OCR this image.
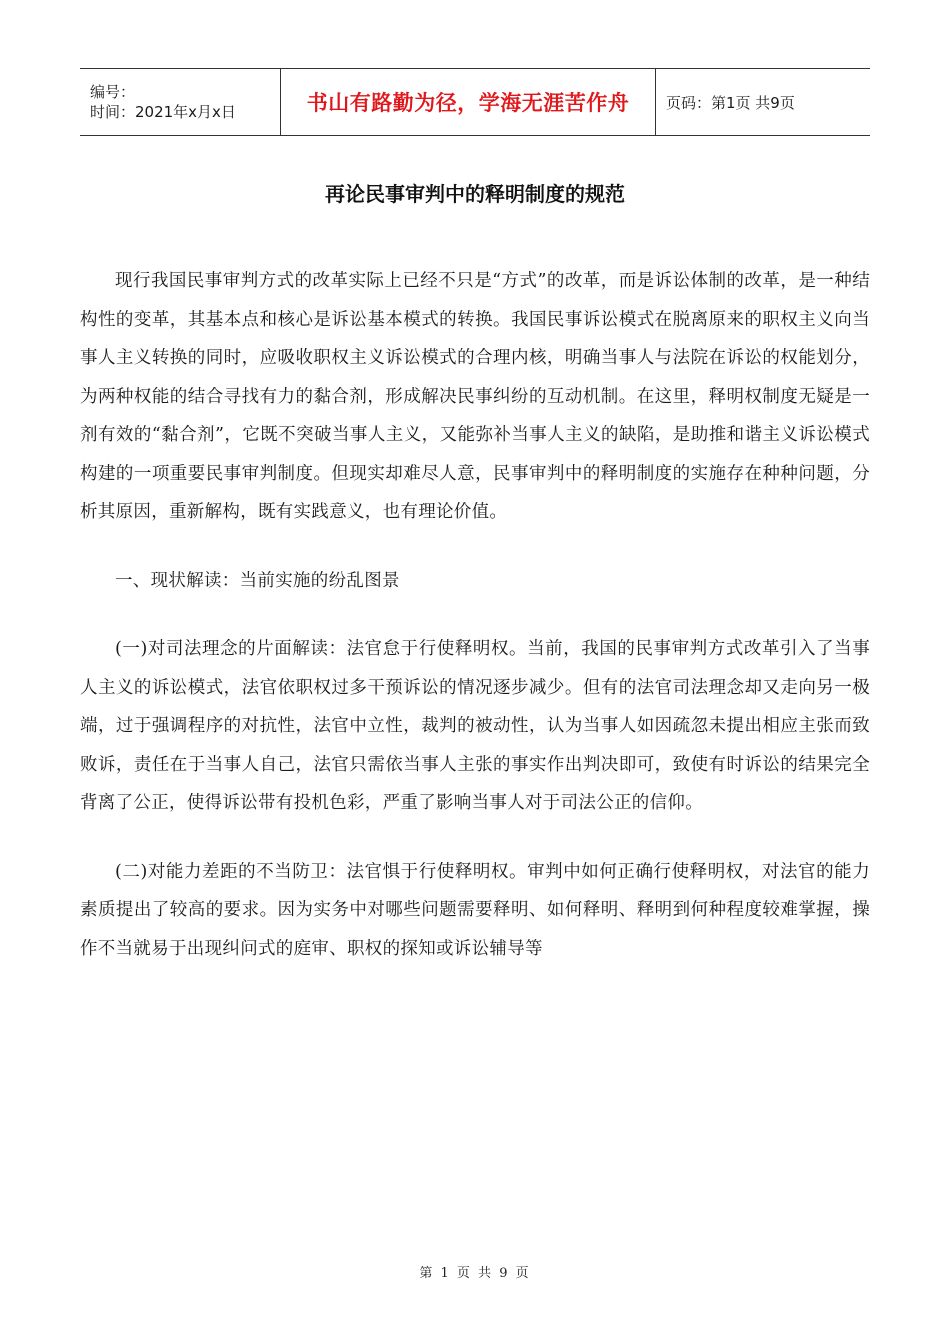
编号：
时间：2021年x月x日	书山有路勤为径，学海无涯苦作舟 页码：第1页 共9页
再论民事审判中的释明制度的规范

现行我国民事审判方式的改革实际上已经不只是“方式”的改革，而是诉讼体制的改革，是一种结构性的变革，其基本点和核心是诉讼基本模式的转换。我国民事诉讼模式在脱离原来的职权主义向当事人主义转换的同时，应吸收职权主义诉讼模式的合理内核，明确当事人与法院在诉讼的权能划分，为两种权能的结合寻找有力的黏合剂，形成解决民事纠纷的互动机制。在这里，释明权制度无疑是一剂有效的“黏合剂”，它既不突破当事人主义，又能弥补当事人主义的缺陷，是助推和谐主义诉讼模式构建的一项重要民事审判制度。但现实却难尽人意，民事审判中的释明制度的实施存在种种问题，分析其原因，重新解构，既有实践意义，也有理论价值。

一、现状解读：当前实施的纷乱图景

(一)对司法理念的片面解读：法官怠于行使释明权。当前，我国的民事审判方式改革引入了当事人主义的诉讼模式，法官依职权过多干预诉讼的情况逐步减少。但有的法官司法理念却又走向另一极端，过于强调程序的对抗性，法官中立性，裁判的被动性，认为当事人如因疏忽未提出相应主张而致败诉，责任在于当事人自己，法官只需依当事人主张的事实作出判决即可，致使有时诉讼的结果完全背离了公正，使得诉讼带有投机色彩，严重了影响当事人对于司法公正的信仰。

(二)对能力差距的不当防卫：法官惧于行使释明权。审判中如何正确行使释明权，对法官的能力素质提出了较高的要求。因为实务中对哪些问题需要释明、如何释明、释明到何种程度较难掌握，操作不当就易于出现纠问式的庭审、职权的探知或诉讼辅导等

第 1 页 共 9 页
